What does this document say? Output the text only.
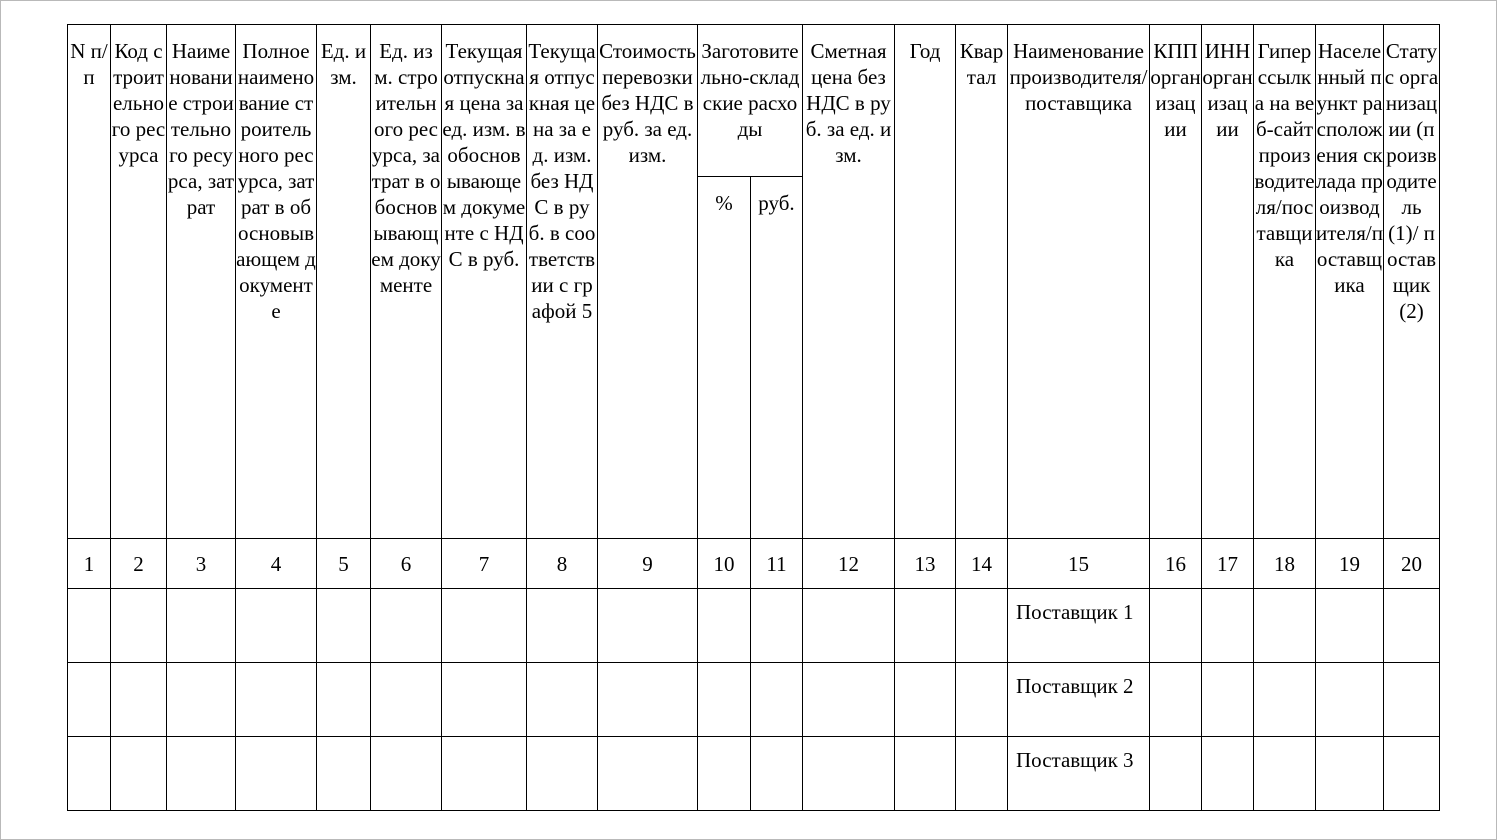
N п/п	Код строительного ресурса	Наименование строительного ресурса, затрат	Полное наименование строительного ресурса, затрат в обосновывающем документе	Ед. изм.	Ед. изм. строительного ресурса, затрат в обосновывающем документе	Текущая отпускная цена за ед. изм. в обосновывающем документе с НДС в руб.	Текущая отпускная цена за ед. изм. без НДС в руб. в соответствии с графой 5	Стоимость перевозки без НДС в руб. за ед. изм.	Заготовительно-складские расходы		Сметная цена без НДС в руб. за ед. изм.	Год	Квартал	Наименование производителя/поставщика	КПП организации	ИНН организации	Гиперссылка на веб-сайт производителя/поставщика	Населенный пункт расположения склада производителя/поставщика	Статус организации (производитель (1)/ поставщик (2)
									%	руб.									
1	2	3	4	5	6	7	8	9	10	11	12	13	14	15	16	17	18	19	20
														Поставщик 1					
														Поставщик 2					
														Поставщик 3					
